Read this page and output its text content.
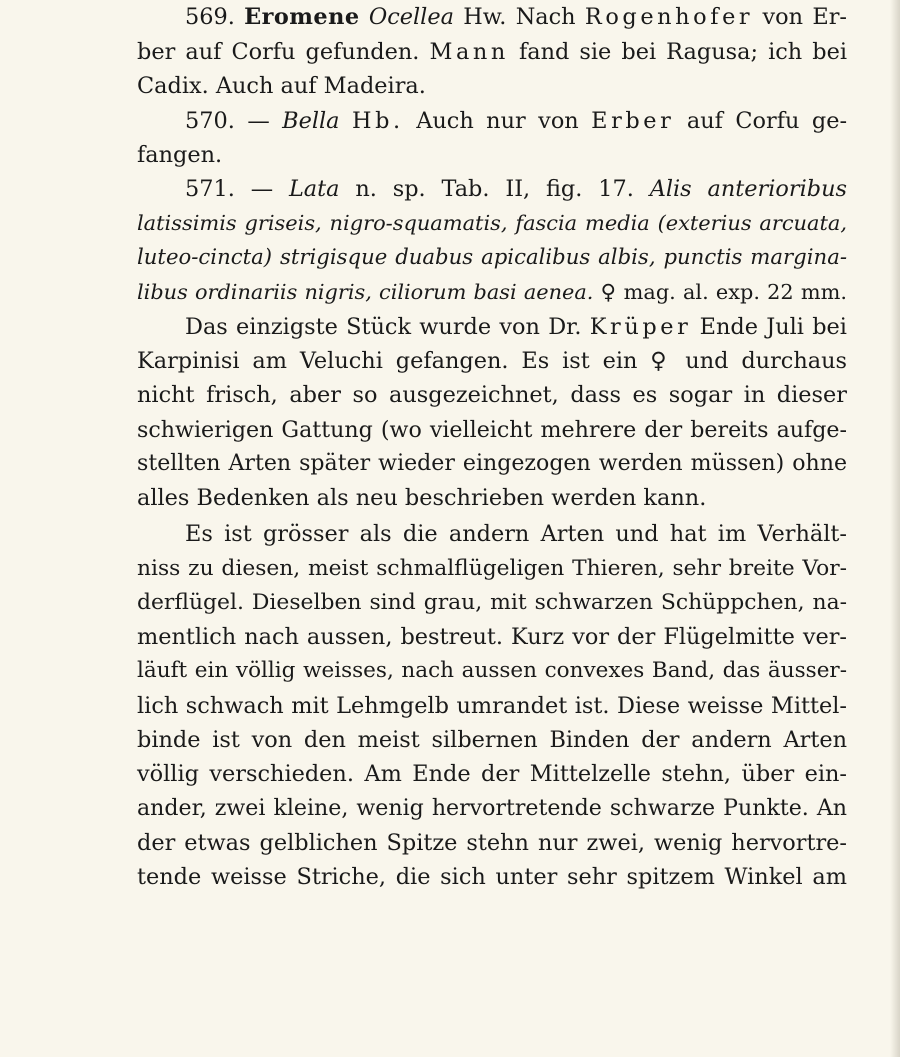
569. Eromene Ocellea Hw. Nach Rogenhofer von Er-
ber auf Corfu gefunden. Mann fand sie bei Ragusa; ich bei
Cadix. Auch auf Madeira.
570. — Bella Hb. Auch nur von Erber auf Corfu ge-
fangen.
571. — Lata n. sp. Tab. II, fig. 17. Alis anterioribus
latissimis griseis, nigro-squamatis, fascia media (exterius arcuata,
luteo-cincta) strigisque duabus apicalibus albis, punctis margina-
libus ordinariis nigris, ciliorum basi aenea. ♀ mag. al. exp. 22 mm.
Das einzigste Stück wurde von Dr. Krüper Ende Juli bei
Karpinisi am Veluchi gefangen. Es ist ein ♀ und durchaus
nicht frisch, aber so ausgezeichnet, dass es sogar in dieser
schwierigen Gattung (wo vielleicht mehrere der bereits aufge-
stellten Arten später wieder eingezogen werden müssen) ohne
alles Bedenken als neu beschrieben werden kann.
Es ist grösser als die andern Arten und hat im Verhält-
niss zu diesen, meist schmalflügeligen Thieren, sehr breite Vor-
derflügel. Dieselben sind grau, mit schwarzen Schüppchen, na-
mentlich nach aussen, bestreut. Kurz vor der Flügelmitte ver-
läuft ein völlig weisses, nach aussen convexes Band, das äusser-
lich schwach mit Lehmgelb umrandet ist. Diese weisse Mittel-
binde ist von den meist silbernen Binden der andern Arten
völlig verschieden. Am Ende der Mittelzelle stehn, über ein-
ander, zwei kleine, wenig hervortretende schwarze Punkte. An
der etwas gelblichen Spitze stehn nur zwei, wenig hervortre-
tende weisse Striche, die sich unter sehr spitzem Winkel am
